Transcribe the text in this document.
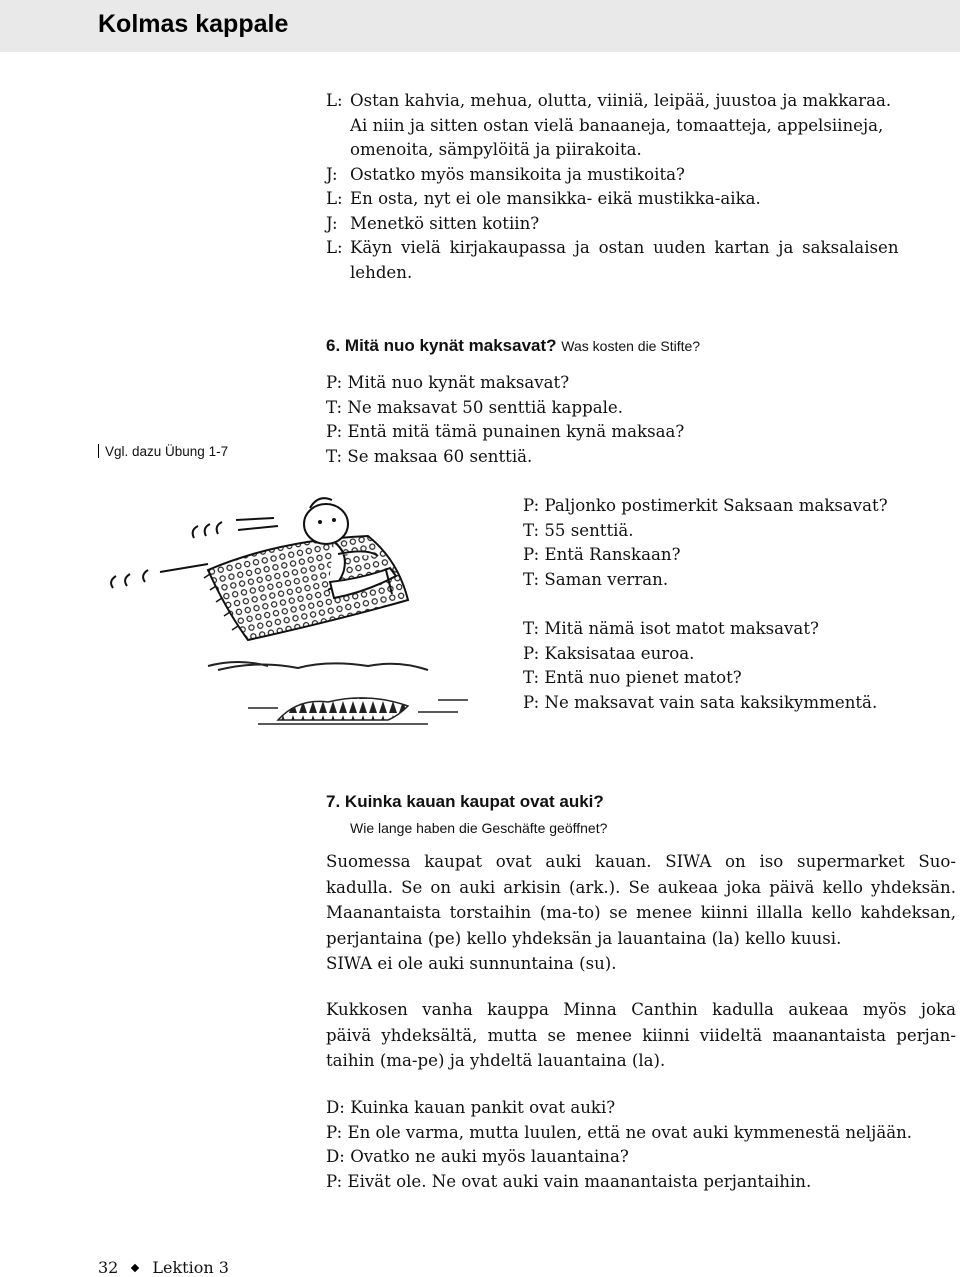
Kolmas kappale
L: Ostan kahvia, mehua, olutta, viiniä, leipää, juustoa ja makkaraa.
Ai niin ja sitten ostan vielä banaaneja, tomaatteja, appelsiineja,
omenoita, sämpylöitä ja piirakoita.
J: Ostatko myös mansikoita ja mustikoita?
L: En osta, nyt ei ole mansikka- eikä mustikka-aika.
J: Menetkö sitten kotiin?
L: Käyn vielä kirjakaupassa ja ostan uuden kartan ja saksalaisen
lehden.
6. Mitä nuo kynät maksavat? Was kosten die Stifte?
Vgl. dazu Übung 1-7
P: Mitä nuo kynät maksavat?
T: Ne maksavat 50 senttiä kappale.
P: Entä mitä tämä punainen kynä maksaa?
T: Se maksaa 60 senttiä.
P: Paljonko postimerkit Saksaan maksavat?
T: 55 senttiä.
P: Entä Ranskaan?
T: Saman verran.
T: Mitä nämä isot matot maksavat?
P: Kaksisataa euroa.
T: Entä nuo pienet matot?
P: Ne maksavat vain sata kaksikymmentä.
7. Kuinka kauan kaupat ovat auki?
Wie lange haben die Geschäfte geöffnet?
Suomessa kaupat ovat auki kauan. SIWA on iso supermarket Suo-
kadulla. Se on auki arkisin (ark.). Se aukeaa joka päivä kello yhdeksän.
Maanantaista torstaihin (ma-to) se menee kiinni illalla kello kahdeksan,
perjantaina (pe) kello yhdeksän ja lauantaina (la) kello kuusi.
SIWA ei ole auki sunnuntaina (su).
Kukkosen vanha kauppa Minna Canthin kadulla aukeaa myös joka
päivä yhdeksältä, mutta se menee kiinni viideltä maanantaista perjan-
taihin (ma-pe) ja yhdeltä lauantaina (la).
D: Kuinka kauan pankit ovat auki?
P: En ole varma, mutta luulen, että ne ovat auki kymmenestä neljään.
D: Ovatko ne auki myös lauantaina?
P: Eivät ole. Ne ovat auki vain maanantaista perjantaihin.
32 Lektion 3
